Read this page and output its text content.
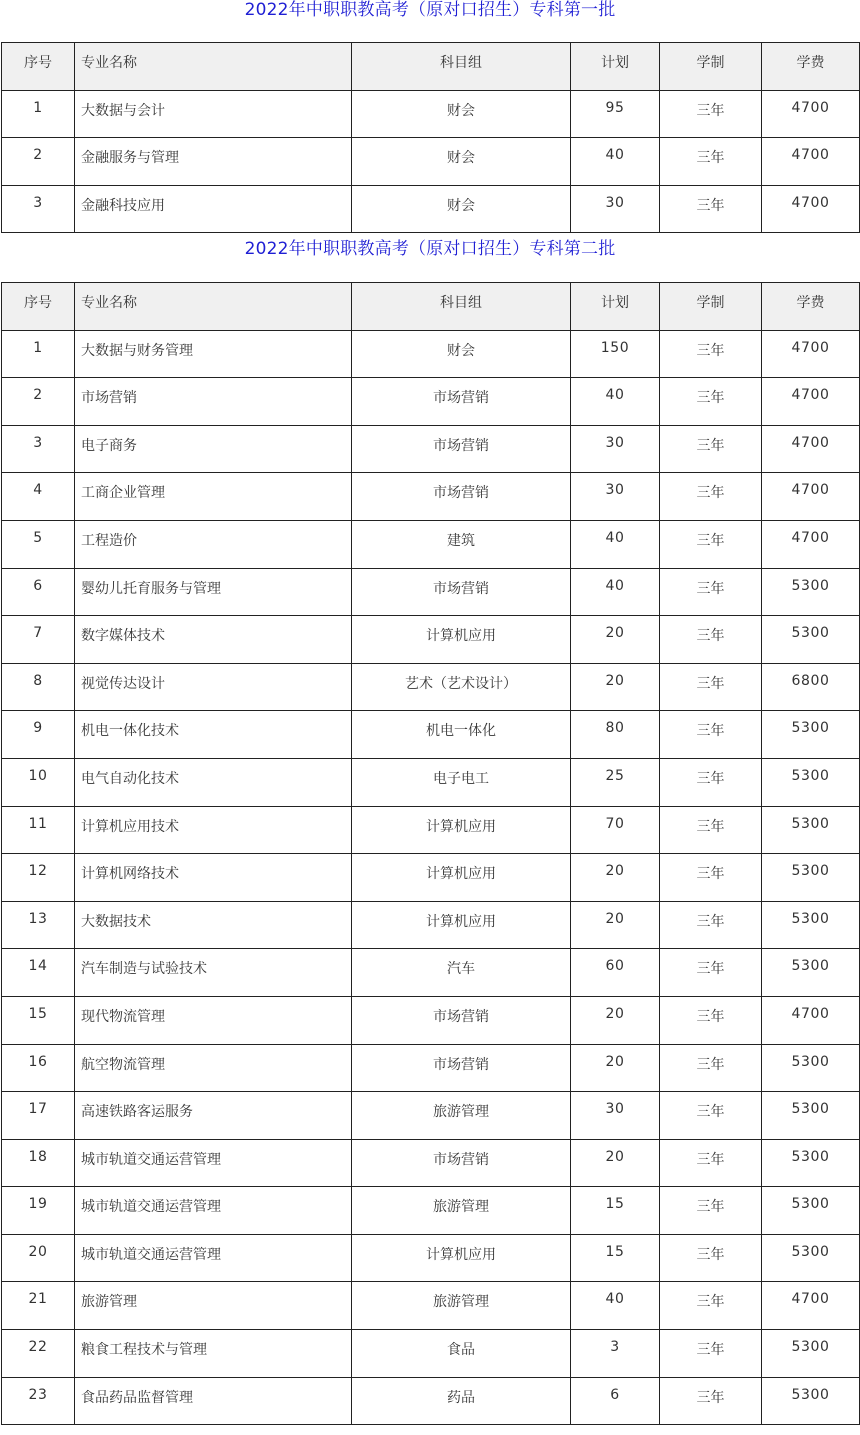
2022年中职职教高考（原对口招生）专科第一批
序号	专业名称	科目组	计划	学制	学费
1	大数据与会计	财会	95	三年	4700
2	金融服务与管理	财会	40	三年	4700
3	金融科技应用	财会	30	三年	4700
2022年中职职教高考（原对口招生）专科第二批
序号	专业名称	科目组	计划	学制	学费
1	大数据与财务管理	财会	150	三年	4700
2	市场营销	市场营销	40	三年	4700
3	电子商务	市场营销	30	三年	4700
4	工商企业管理	市场营销	30	三年	4700
5	工程造价	建筑	40	三年	4700
6	婴幼儿托育服务与管理	市场营销	40	三年	5300
7	数字媒体技术	计算机应用	20	三年	5300
8	视觉传达设计	艺术（艺术设计）	20	三年	6800
9	机电一体化技术	机电一体化	80	三年	5300
10	电气自动化技术	电子电工	25	三年	5300
11	计算机应用技术	计算机应用	70	三年	5300
12	计算机网络技术	计算机应用	20	三年	5300
13	大数据技术	计算机应用	20	三年	5300
14	汽车制造与试验技术	汽车	60	三年	5300
15	现代物流管理	市场营销	20	三年	4700
16	航空物流管理	市场营销	20	三年	5300
17	高速铁路客运服务	旅游管理	30	三年	5300
18	城市轨道交通运营管理	市场营销	20	三年	5300
19	城市轨道交通运营管理	旅游管理	15	三年	5300
20	城市轨道交通运营管理	计算机应用	15	三年	5300
21	旅游管理	旅游管理	40	三年	4700
22	粮食工程技术与管理	食品	3	三年	5300
23	食品药品监督管理	药品	6	三年	5300
